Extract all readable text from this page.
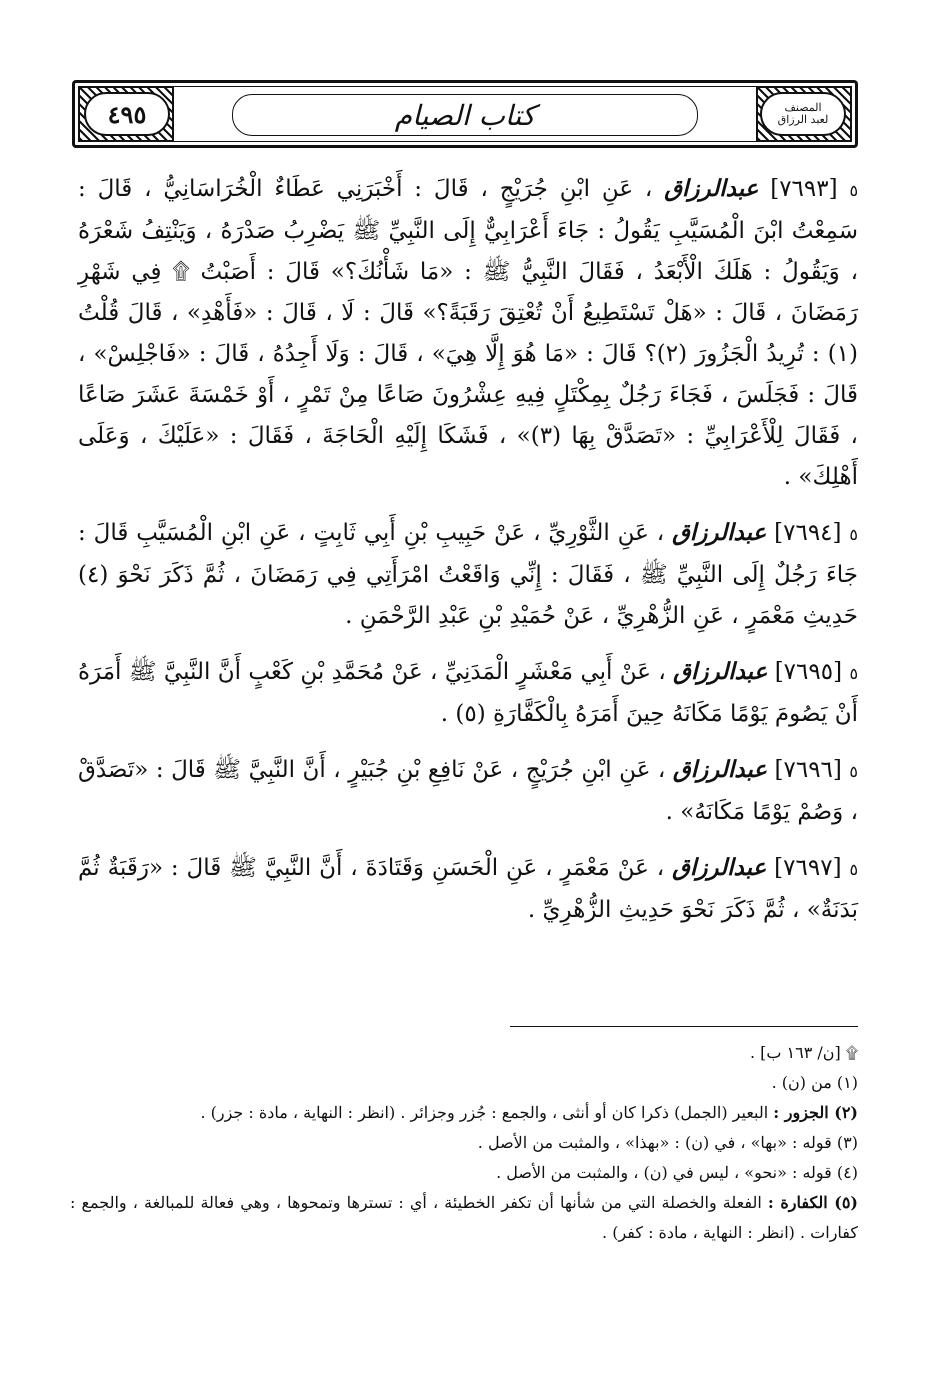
٤٩٥	المصنف
لعبد الرزاق
كتاب الصيام

٥ [٧٦٩٣] عبدالرزاق ، عَنِ ابْنِ جُرَيْجٍ ، قَالَ : أَخْبَرَنِي عَطَاءٌ الْخُرَاسَانِيُّ ، قَالَ : سَمِعْتُ ابْنَ الْمُسَيَّبِ يَقُولُ : جَاءَ أَعْرَابِيٌّ إِلَى النَّبِيِّ ﷺ يَضْرِبُ صَدْرَهُ ، وَيَنْتِفُ شَعْرَهُ ، وَيَقُولُ : هَلَكَ الْأَبْعَدُ ، فَقَالَ النَّبِيُّ ﷺ : «مَا شَأْنُكَ؟» قَالَ : أَصَبْتُ ۩ فِي شَهْرِ رَمَضَانَ ، قَالَ : «هَلْ تَسْتَطِيعُ أَنْ تُعْتِقَ رَقَبَةً؟» قَالَ : لَا ، قَالَ : «فَأَهْدِ» ، قَالَ قُلْتُ (١) : تُرِيدُ الْجَزُورَ (٢)؟ قَالَ : «مَا هُوَ إِلَّا هِيَ» ، قَالَ : وَلَا أَجِدُهُ ، قَالَ : «فَاجْلِسْ» ، قَالَ : فَجَلَسَ ، فَجَاءَ رَجُلٌ بِمِكْتَلٍ فِيهِ عِشْرُونَ صَاعًا مِنْ تَمْرٍ ، أَوْ خَمْسَةَ عَشَرَ صَاعًا ، فَقَالَ لِلْأَعْرَابِيِّ : «تَصَدَّقْ بِهَا (٣)» ، فَشَكَا إِلَيْهِ الْحَاجَةَ ، فَقَالَ : «عَلَيْكَ ، وَعَلَى أَهْلِكَ» .

٥ [٧٦٩٤] عبدالرزاق ، عَنِ الثَّوْرِيِّ ، عَنْ حَبِيبِ بْنِ أَبِي ثَابِتٍ ، عَنِ ابْنِ الْمُسَيَّبِ قَالَ : جَاءَ رَجُلٌ إِلَى النَّبِيِّ ﷺ ، فَقَالَ : إِنِّي وَاقَعْتُ امْرَأَتِي فِي رَمَضَانَ ، ثُمَّ ذَكَرَ نَحْوَ (٤) حَدِيثِ مَعْمَرٍ ، عَنِ الزُّهْرِيِّ ، عَنْ حُمَيْدِ بْنِ عَبْدِ الرَّحْمَنِ .

٥ [٧٦٩٥] عبدالرزاق ، عَنْ أَبِي مَعْشَرٍ الْمَدَنِيِّ ، عَنْ مُحَمَّدِ بْنِ كَعْبٍ أَنَّ النَّبِيَّ ﷺ أَمَرَهُ أَنْ يَصُومَ يَوْمًا مَكَانَهُ حِينَ أَمَرَهُ بِالْكَفَّارَةِ (٥) .

٥ [٧٦٩٦] عبدالرزاق ، عَنِ ابْنِ جُرَيْجٍ ، عَنْ نَافِعِ بْنِ جُبَيْرٍ ، أَنَّ النَّبِيَّ ﷺ قَالَ : «تَصَدَّقْ ، وَصُمْ يَوْمًا مَكَانَهُ» .

٥ [٧٦٩٧] عبدالرزاق ، عَنْ مَعْمَرٍ ، عَنِ الْحَسَنِ وَقَتَادَةَ ، أَنَّ النَّبِيَّ ﷺ قَالَ : «رَقَبَةٌ ثُمَّ بَدَنَةٌ» ، ثُمَّ ذَكَرَ نَحْوَ حَدِيثِ الزُّهْرِيِّ .

۩ [ن/ ١٦٣ ب] .

(١) من (ن) .

(٢) الجزور : البعير (الجمل) ذكرا كان أو أنثى ، والجمع : جُزر وجزائر . (انظر : النهاية ، مادة : جزر) .

(٣) قوله : «بها» ، في (ن) : «بهذا» ، والمثبت من الأصل .

(٤) قوله : «نحو» ، ليس في (ن) ، والمثبت من الأصل .

(٥) الكفارة : الفعلة والخصلة التي من شأنها أن تكفر الخطيئة ، أي : تسترها وتمحوها ، وهي فعالة للمبالغة ، والجمع : كفارات . (انظر : النهاية ، مادة : كفر) .
